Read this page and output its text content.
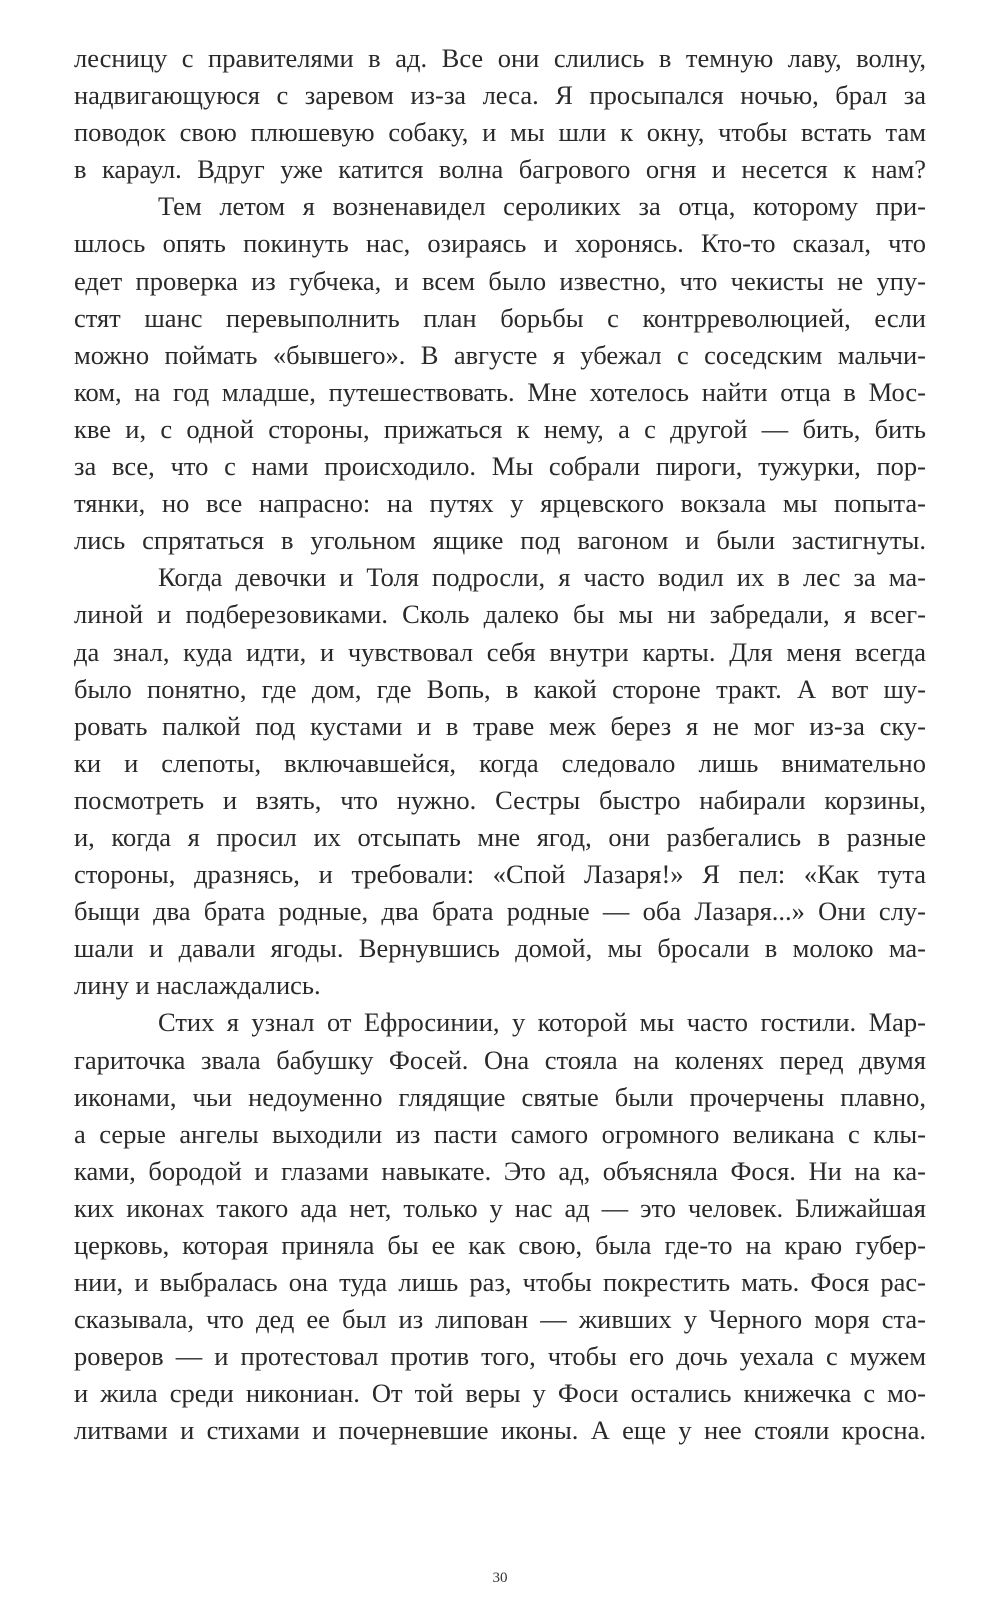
лесницу с правителями в ад. Все они слились в темную лаву, волну,
надвигающуюся с заревом из-за леса. Я просыпался ночью, брал за
поводок свою плюшевую собаку, и мы шли к окну, чтобы встать там
в караул. Вдруг уже катится волна багрового огня и несется к нам?
Тем летом я возненавидел сероликих за отца, которому при-
шлось опять покинуть нас, озираясь и хоронясь. Кто-то сказал, что
едет проверка из губчека, и всем было известно, что чекисты не упу-
стят шанс перевыполнить план борьбы с контрреволюцией, если
можно поймать «бывшего». В августе я убежал с соседским мальчи-
ком, на год младше, путешествовать. Мне хотелось найти отца в Мос-
кве и, с одной стороны, прижаться к нему, а с другой — бить, бить
за все, что с нами происходило. Мы собрали пироги, тужурки, пор-
тянки, но все напрасно: на путях у ярцевского вокзала мы попыта-
лись спрятаться в угольном ящике под вагоном и были застигнуты.
Когда девочки и Толя подросли, я часто водил их в лес за ма-
линой и подберезовиками. Сколь далеко бы мы ни забредали, я всег-
да знал, куда идти, и чувствовал себя внутри карты. Для меня всегда
было понятно, где дом, где Вопь, в какой стороне тракт. А вот шу-
ровать палкой под кустами и в траве меж берез я не мог из-за ску-
ки и слепоты, включавшейся, когда следовало лишь внимательно
посмотреть и взять, что нужно. Сестры быстро набирали корзины,
и, когда я просил их отсыпать мне ягод, они разбегались в разные
стороны, дразнясь, и требовали: «Спой Лазаря!» Я пел: «Как тута
быщи два брата родные, два брата родные — оба Лазаря...» Они слу-
шали и давали ягоды. Вернувшись домой, мы бросали в молоко ма-
лину и наслаждались.
Стих я узнал от Ефросинии, у которой мы часто гостили. Мар-
гариточка звала бабушку Фосей. Она стояла на коленях перед двумя
иконами, чьи недоуменно глядящие святые были прочерчены плавно,
а серые ангелы выходили из пасти самого огромного великана с клы-
ками, бородой и глазами навыкате. Это ад, объясняла Фося. Ни на ка-
ких иконах такого ада нет, только у нас ад — это человек. Ближайшая
церковь, которая приняла бы ее как свою, была где-то на краю губер-
нии, и выбралась она туда лишь раз, чтобы покрестить мать. Фося рас-
сказывала, что дед ее был из липован — живших у Черного моря ста-
роверов — и протестовал против того, чтобы его дочь уехала с мужем
и жила среди никониан. От той веры у Фоси остались книжечка с мо-
литвами и стихами и почерневшие иконы. А еще у нее стояли кросна.
30
